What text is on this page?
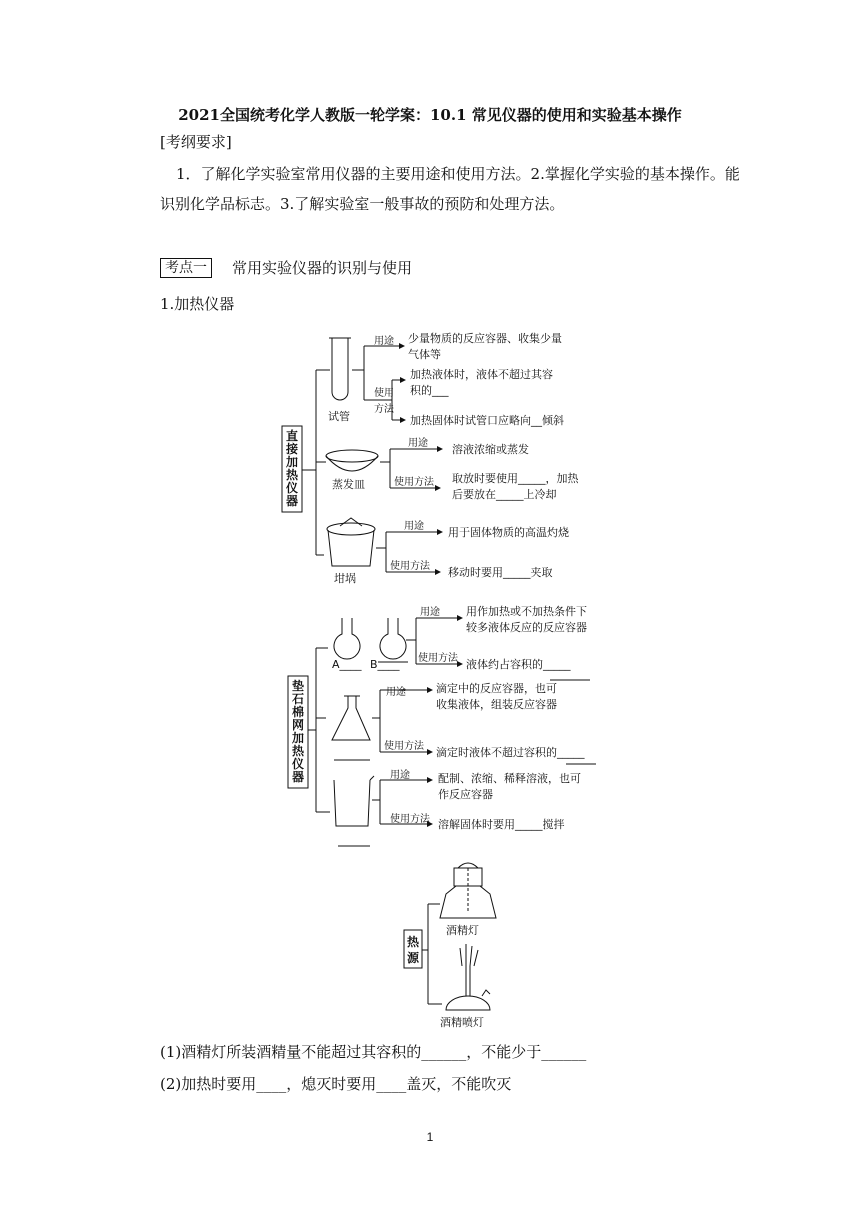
2021全国统考化学人教版一轮学案：10.1 常见仪器的使用和实验基本操作
[考纲要求]
1．了解化学实验室常用仪器的主要用途和使用方法。2.掌握化学实验的基本操作。能
识别化学品标志。3.了解实验室一般事故的预防和处理方法。
考点一	常用实验仪器的识别与使用
1.加热仪器
直
接
加
热
仪
器
试管
用途 少量物质的反应容器、收集少量
气体等
使用
方法
加热液体时，液体不超过其容
积的___
加热固体时试管口应略向__倾斜
蒸发皿
用途 溶液浓缩或蒸发
使用方法 取放时要使用_____，加热
后要放在_____上冷却
坩埚
用途 用于固体物质的高温灼烧
使用方法 移动时要用_____夹取
垫
石
棉
网
加
热
仪
器
A____ B____
用途 用作加热或不加热条件下
较多液体反应的反应容器
使用方法 液体约占容积的_____
用途	滴定中的反应容器，也可
收集液体，组装反应容器
使用方法 滴定时液体不超过容积的_____
用途	配制、浓缩、稀释溶液，也可
作反应容器
使用方法 溶解固体时要用_____搅拌
热
源
酒精灯
酒精喷灯
(1)酒精灯所装酒精量不能超过其容积的______，不能少于______
(2)加热时要用____，熄灭时要用____盖灭，不能吹灭
1
